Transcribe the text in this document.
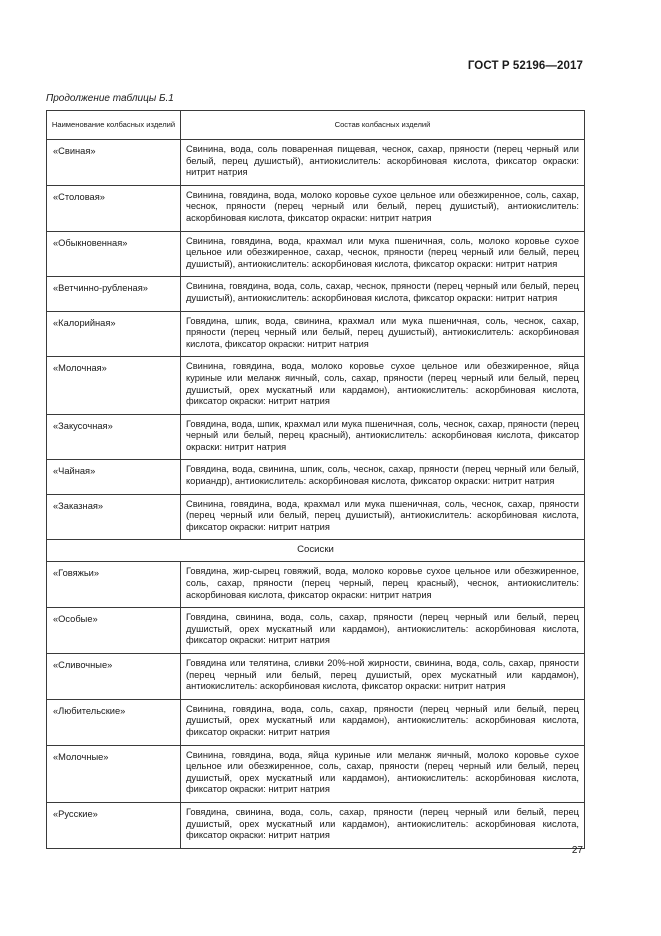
ГОСТ Р 52196—2017
Продолжение таблицы Б.1
Наименование колбасных изделий	Состав колбасных изделий
«Свиная»	Свинина, вода, соль поваренная пищевая, чеснок, сахар, пряности (перец черный или белый, перец душистый), антиокислитель: аскорбиновая кислота, фиксатор окраски: нитрит натрия
«Столовая»	Свинина, говядина, вода, молоко коровье сухое цельное или обезжиренное, соль, сахар, чеснок, пряности (перец черный или белый, перец душистый), антиокислитель: аскорбиновая кислота, фиксатор окраски: нитрит натрия
«Обыкновенная»	Свинина, говядина, вода, крахмал или мука пшеничная, соль, молоко коровье сухое цельное или обезжиренное, сахар, чеснок, пряности (перец черный или белый, перец душистый), антиокислитель: аскорбиновая кислота, фиксатор окраски: нитрит натрия
«Ветчинно-рубленая»	Свинина, говядина, вода, соль, сахар, чеснок, пряности (перец черный или белый, перец душистый), антиокислитель: аскорбиновая кислота, фиксатор окраски: нитрит натрия
«Калорийная»	Говядина, шпик, вода, свинина, крахмал или мука пшеничная, соль, чеснок, сахар, пряности (перец черный или белый, перец душистый), антиокислитель: аскорбиновая кислота, фиксатор окраски: нитрит натрия
«Молочная»	Свинина, говядина, вода, молоко коровье сухое цельное или обезжиренное, яйца куриные или меланж яичный, соль, сахар, пряности (перец черный или белый, перец душистый, орех мускатный или кардамон), антиокислитель: аскорбиновая кислота, фиксатор окраски: нитрит натрия
«Закусочная»	Говядина, вода, шпик, крахмал или мука пшеничная, соль, чеснок, сахар, пряности (перец черный или белый, перец красный), антиокислитель: аскорбиновая кислота, фиксатор окраски: нитрит натрия
«Чайная»	Говядина, вода, свинина, шпик, соль, чеснок, сахар, пряности (перец черный или белый, кориандр), антиокислитель: аскорбиновая кислота, фиксатор окраски: нитрит натрия
«Заказная»	Свинина, говядина, вода, крахмал или мука пшеничная, соль, чеснок, сахар, пряности (перец черный или белый, перец душистый), антиокислитель: аскорбиновая кислота, фиксатор окраски: нитрит натрия
Сосиски	
«Говяжьи»	Говядина, жир-сырец говяжий, вода, молоко коровье сухое цельное или обезжиренное, соль, сахар, пряности (перец черный, перец красный), чеснок, антиокислитель: аскорбиновая кислота, фиксатор окраски: нитрит натрия
«Особые»	Говядина, свинина, вода, соль, сахар, пряности (перец черный или белый, перец душистый, орех мускатный или кардамон), антиокислитель: аскорбиновая кислота, фиксатор окраски: нитрит натрия
«Сливочные»	Говядина или телятина, сливки 20%-ной жирности, свинина, вода, соль, сахар, пряности (перец черный или белый, перец душистый, орех мускатный или кардамон), антиокислитель: аскорбиновая кислота, фиксатор окраски: нитрит натрия
«Любительские»	Свинина, говядина, вода, соль, сахар, пряности (перец черный или белый, перец душистый, орех мускатный или кардамон), антиокислитель: аскорбиновая кислота, фиксатор окраски: нитрит натрия
«Молочные»	Свинина, говядина, вода, яйца куриные или меланж яичный, молоко коровье сухое цельное или обезжиренное, соль, сахар, пряности (перец черный или белый, перец душистый, орех мускатный или кардамон), антиокислитель: аскорбиновая кислота, фиксатор окраски: нитрит натрия
«Русские»	Говядина, свинина, вода, соль, сахар, пряности (перец черный или белый, перец душистый, орех мускатный или кардамон), антиокислитель: аскорбиновая кислота, фиксатор окраски: нитрит натрия
27
